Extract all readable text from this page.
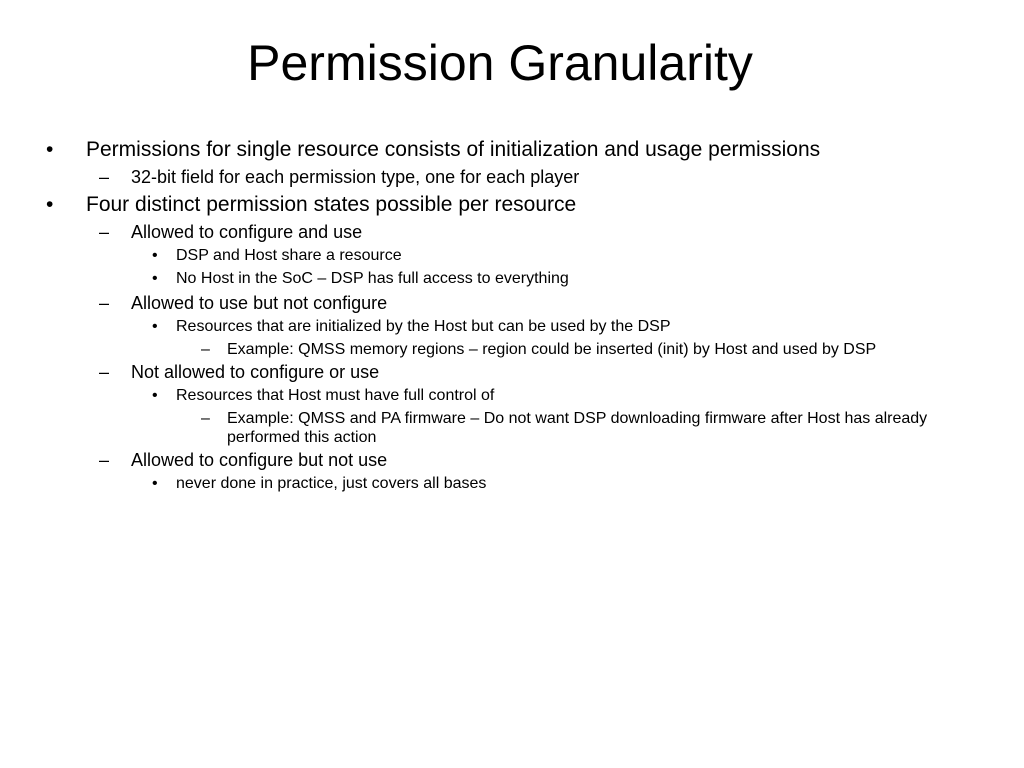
Permission Granularity
• Permissions for single resource consists of initialization and usage permissions
– 32-bit field for each permission type, one for each player
• Four distinct permission states possible per resource
– Allowed to configure and use
• DSP and Host share a resource
• No Host in the SoC – DSP has full access to everything
– Allowed to use but not configure
• Resources that are initialized by the Host but can be used by the DSP
– Example: QMSS memory regions – region could be inserted (init) by Host and used by DSP
– Not allowed to configure or use
• Resources that Host must have full control of
– Example: QMSS and PA firmware – Do not want DSP downloading firmware after Host has already performed this action
– Allowed to configure but not use
• never done in practice, just covers all bases
